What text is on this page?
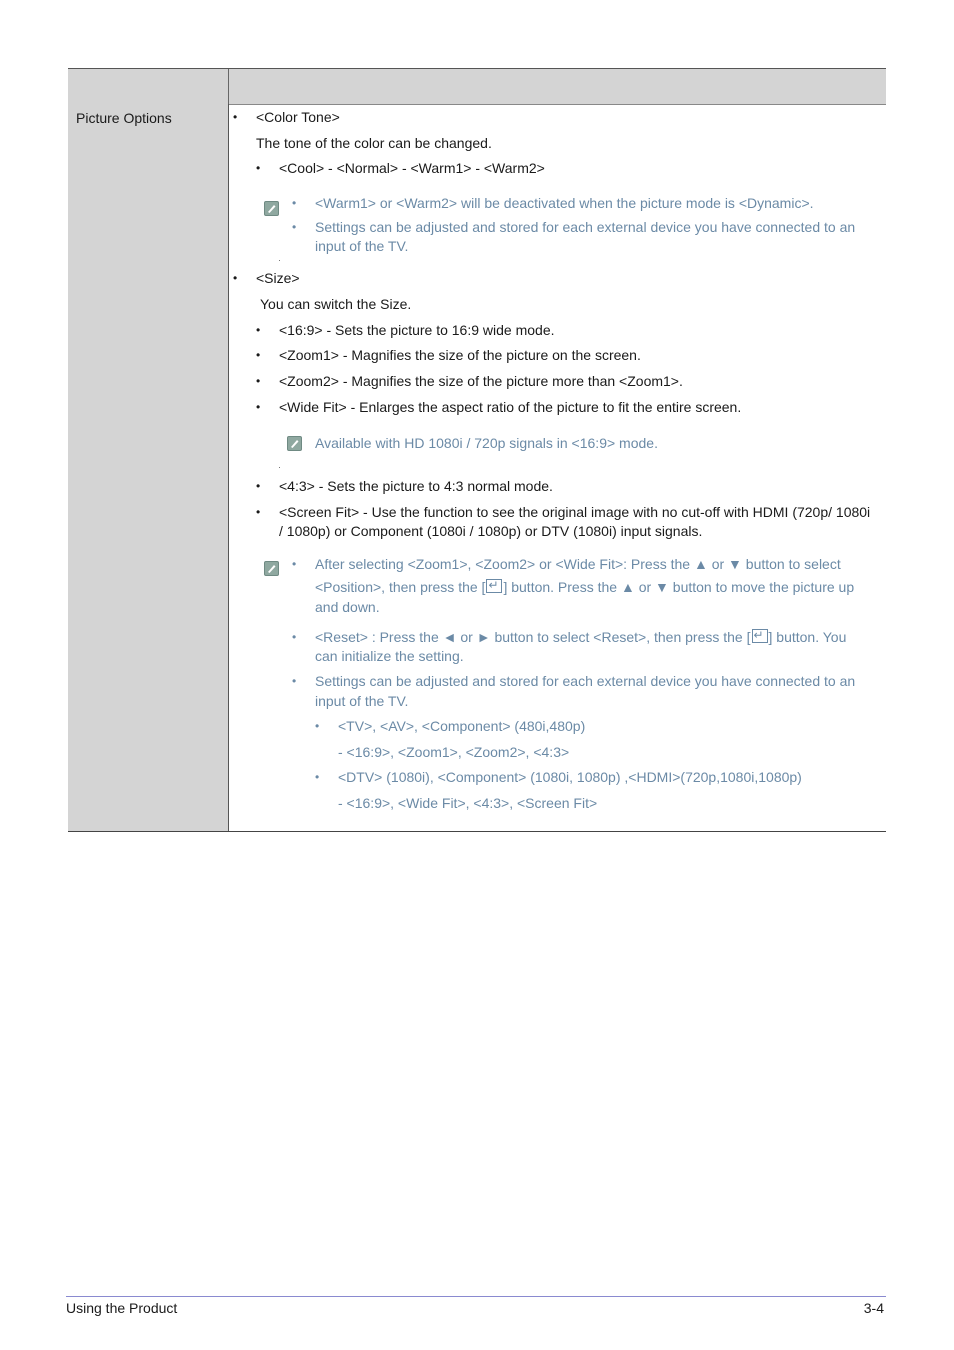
Picture Options	• <Color Tone>
The tone of the color can be changed.
• <Cool> - <Normal> - <Warm1> - <Warm2>
• <Warm1> or <Warm2> will be deactivated when the picture mode is <Dynamic>.
• Settings can be adjusted and stored for each external device you have connected to an
input of the TV.
• <Size>
You can switch the Size.
• <16:9> - Sets the picture to 16:9 wide mode.
• <Zoom1> - Magnifies the size of the picture on the screen.
• <Zoom2> - Magnifies the size of the picture more than <Zoom1>.
• <Wide Fit> - Enlarges the aspect ratio of the picture to fit the entire screen.
Available with HD 1080i / 720p signals in <16:9> mode.
• <4:3> - Sets the picture to 4:3 normal mode.
• <Screen Fit> - Use the function to see the original image with no cut-off with HDMI (720p/ 1080i
/ 1080p) or Component (1080i / 1080p) or DTV (1080i) input signals.
• After selecting <Zoom1>, <Zoom2> or <Wide Fit>: Press the ▲ or ▼ button to select
<Position>, then press the [ ↵ ] button. Press the ▲ or ▼ button to move the picture up
and down.
• <Reset> : Press the ◄ or ► button to select <Reset>, then press the [ ↵ ] button. You
can initialize the setting.
• Settings can be adjusted and stored for each external device you have connected to an
input of the TV.
• <TV>, <AV>, <Component> (480i,480p)
- <16:9>, <Zoom1>, <Zoom2>, <4:3>
• <DTV> (1080i), <Component> (1080i, 1080p) ,<HDMI>(720p,1080i,1080p)
- <16:9>, <Wide Fit>, <4:3>, <Screen Fit>
Using the Product	3-4
